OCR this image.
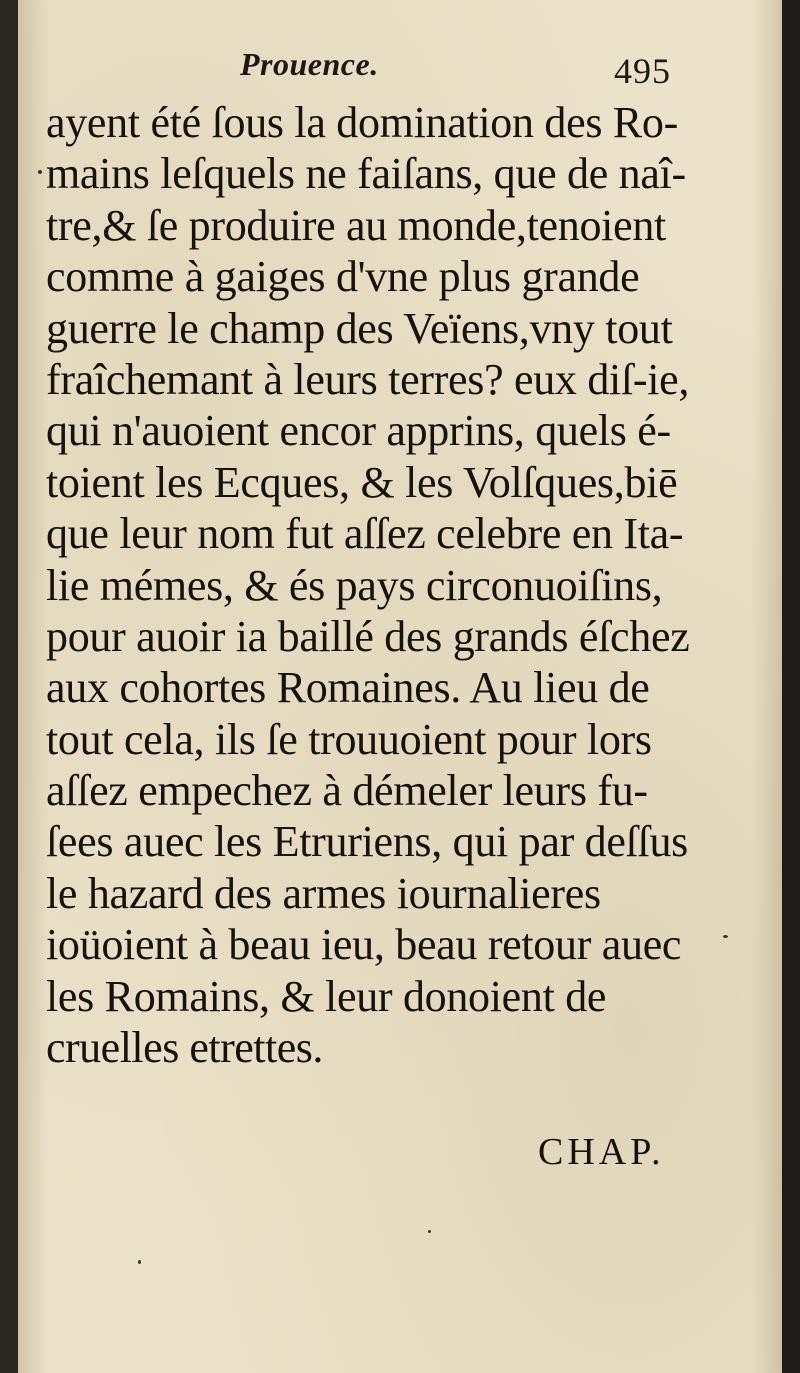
Prouence.	495
ayent été ſous la domination des Ro-
mains leſquels ne faiſans, que de naî-
tre,& ſe produire au monde,tenoient
comme à gaiges d'vne plus grande
guerre le champ des Veïens,vny tout
fraîchemant à leurs terres? eux diſ-ie,
qui n'auoient encor apprins, quels é-
toient les Ecques, & les Volſques,biē
que leur nom fut aſſez celebre en Ita-
lie mémes, & és pays circonuoiſins,
pour auoir ia baillé des grands éſchez
aux cohortes Romaines. Au lieu de
tout cela, ils ſe trouuoient pour lors
aſſez empechez à démeler leurs fu-
ſees auec les Etruriens, qui par deſſus
le hazard des armes iournalieres
ioüoient à beau ieu, beau retour auec
les Romains, & leur donoient de
cruelles etrettes.
CHAP.
